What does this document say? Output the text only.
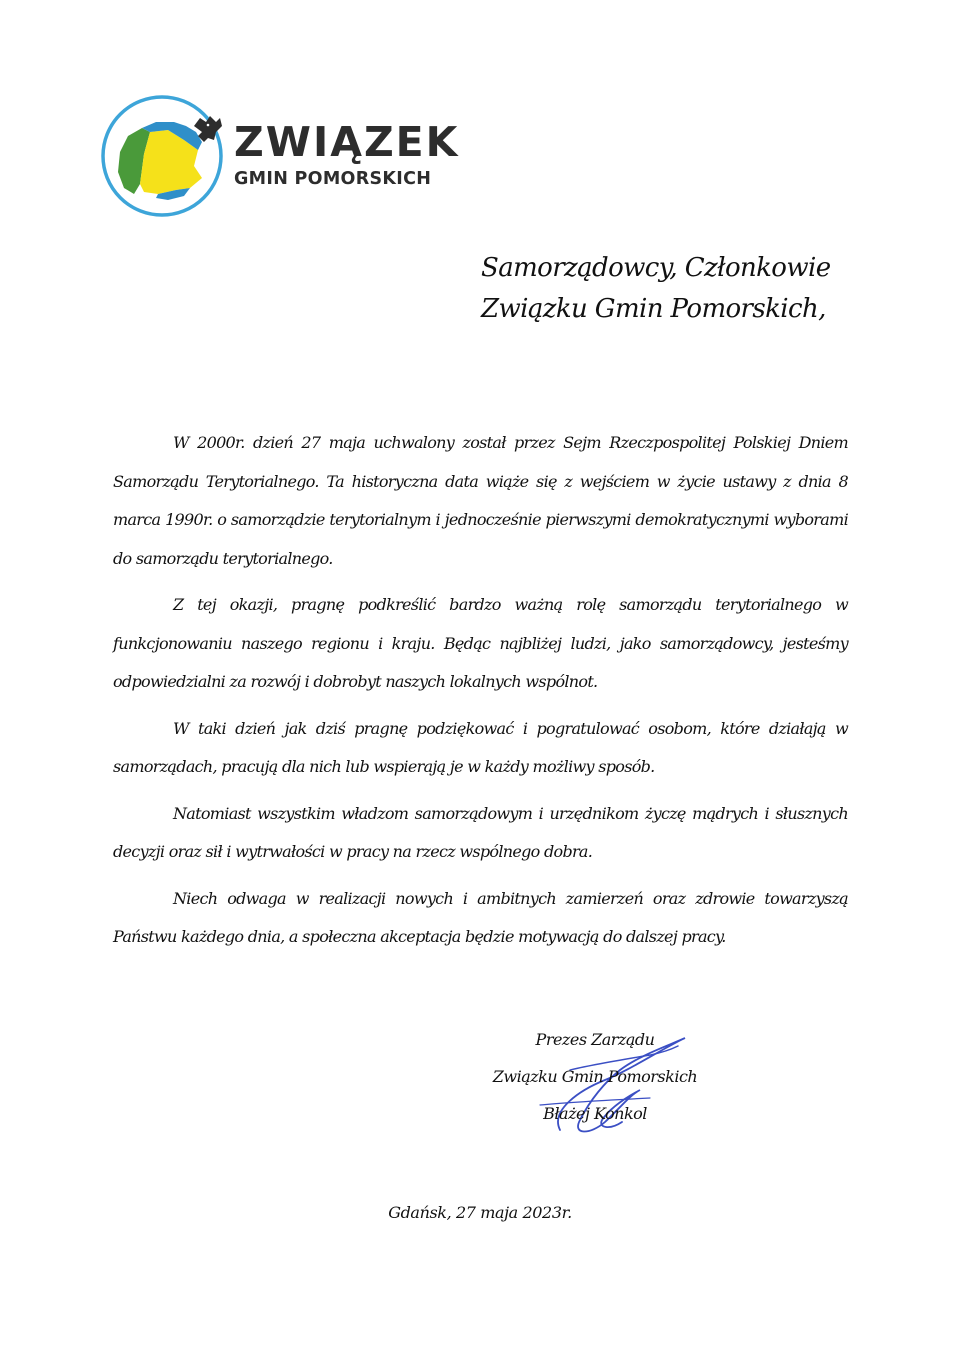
ZWIĄZEK
GMIN POMORSKICH
Samorządowcy, Członkowie
Związku Gmin Pomorskich,

W 2000r. dzień 27 maja uchwalony został przez Sejm Rzeczpospolitej Polskiej Dniem Samorządu Terytorialnego. Ta historyczna data wiąże się z wejściem w życie ustawy z dnia 8 marca 1990r. o samorządzie terytorialnym i jednocześnie pierwszymi demokratycznymi wyborami do samorządu terytorialnego.

Z tej okazji, pragnę podkreślić bardzo ważną rolę samorządu terytorialnego w funkcjonowaniu naszego regionu i kraju. Będąc najbliżej ludzi, jako samorządowcy, jesteśmy odpowiedzialni za rozwój i dobrobyt naszych lokalnych wspólnot.

W taki dzień jak dziś pragnę podziękować i pogratulować osobom, które działają w samorządach, pracują dla nich lub wspierają je w każdy możliwy sposób.

Natomiast wszystkim władzom samorządowym i urzędnikom życzę mądrych i słusznych decyzji oraz sił i wytrwałości w pracy na rzecz wspólnego dobra.

Niech odwaga w realizacji nowych i ambitnych zamierzeń oraz zdrowie towarzyszą Państwu każdego dnia, a społeczna akceptacja będzie motywacją do dalszej pracy.

Prezes Zarządu
Związku Gmin Pomorskich
Błażej Konkol
Gdańsk, 27 maja 2023r.
